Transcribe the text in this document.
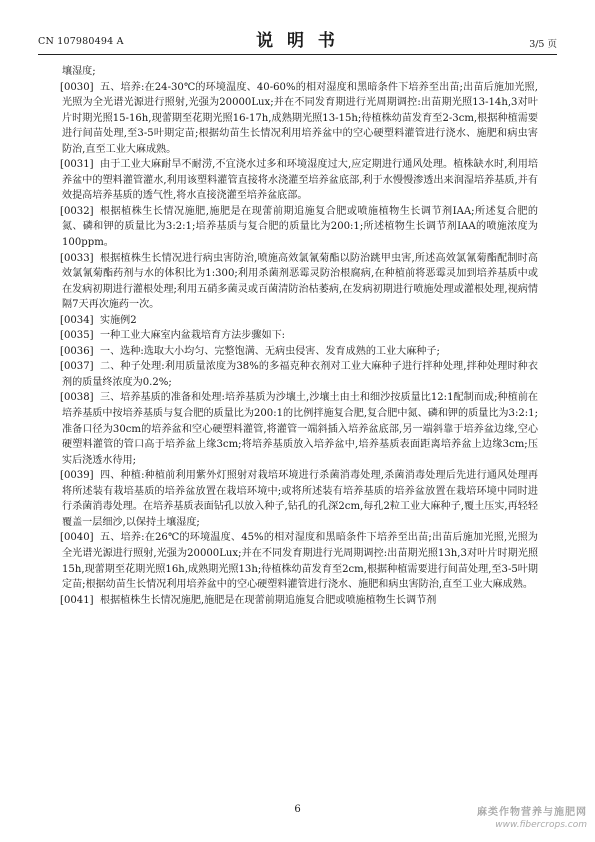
CN 107980494 A	说 明 书	3/5 页

壤湿度;

[0030] 五、培养:在24-30℃的环境温度、40-60%的相对湿度和黑暗条件下培养至出苗;出苗后施加光照,光照为全光谱光源进行照射,光强为20000Lux;并在不同发育期进行光周期调控:出苗期光照13-14h,3对叶片时期光照15-16h,现蕾期至花期光照16-17h,成熟期光照13-15h;待植株幼苗发育至2-3cm,根据种植需要进行间苗处理,至3-5叶期定苗;根据幼苗生长情况利用培养盆中的空心硬塑料灌管进行浇水、施肥和病虫害防治,直至工业大麻成熟。

[0031] 由于工业大麻耐旱不耐涝,不宜浇水过多和环境湿度过大,应定期进行通风处理。植株缺水时,利用培养盆中的塑料灌管灌水,利用该塑料灌管直接将水浇灌至培养盆底部,利于水慢慢渗透出来润湿培养基质,并有效提高培养基质的透气性,将水直接浇灌至培养盆底部。

[0032] 根据植株生长情况施肥,施肥是在现蕾前期追施复合肥或喷施植物生长调节剂IAA;所述复合肥的氮、磷和钾的质量比为3:2:1;培养基质与复合肥的质量比为200:1;所述植物生长调节剂IAA的喷施浓度为100ppm。

[0033] 根据植株生长情况进行病虫害防治,喷施高效氯氰菊酯以防治跳甲虫害,所述高效氯氰菊酯配制时高效氯氰菊酯药剂与水的体积比为1:300;利用杀菌剂恶霉灵防治根腐病,在种植前将恶霉灵加到培养基质中或在发病初期进行灌根处理;利用五硝多菌灵或百菌清防治枯萎病,在发病初期进行喷施处理或灌根处理,视病情隔7天再次施药一次。

[0034] 实施例2

[0035] 一种工业大麻室内盆栽培育方法步骤如下:

[0036] 一、选种:选取大小均匀、完整饱满、无病虫侵害、发育成熟的工业大麻种子;

[0037] 二、种子处理:利用质量浓度为38%的多福克种衣剂对工业大麻种子进行拌种处理,拌种处理时种衣剂的质量终浓度为0.2%;

[0038] 三、培养基质的准备和处理:培养基质为沙壤土,沙壤土由土和细沙按质量比12:1配制而成;种植前在培养基质中按培养基质与复合肥的质量比为200:1的比例拌施复合肥,复合肥中氮、磷和钾的质量比为3:2:1;准备口径为30cm的培养盆和空心硬塑料灌管,将灌管一端斜插入培养盆底部,另一端斜靠于培养盆边缘,空心硬塑料灌管的管口高于培养盆上缘3cm;将培养基质放入培养盆中,培养基质表面距离培养盆上边缘3cm;压实后浇透水待用;

[0039] 四、种植:种植前利用紫外灯照射对栽培环境进行杀菌消毒处理,杀菌消毒处理后先进行通风处理再将所述装有栽培基质的培养盆放置在栽培环境中;或将所述装有培养基质的培养盆放置在栽培环境中同时进行杀菌消毒处理。在培养基质表面钻孔以放入种子,钻孔的孔深2cm,每孔2粒工业大麻种子,覆土压实,再轻轻覆盖一层细沙,以保持土壤湿度;

[0040] 五、培养:在26℃的环境温度、45%的相对湿度和黑暗条件下培养至出苗;出苗后施加光照,光照为全光谱光源进行照射,光强为20000Lux;并在不同发育期进行光周期调控:出苗期光照13h,3对叶片时期光照15h,现蕾期至花期光照16h,成熟期光照13h;待植株幼苗发育至2cm,根据种植需要进行间苗处理,至3-5叶期定苗;根据幼苗生长情况利用培养盆中的空心硬塑料灌管进行浇水、施肥和病虫害防治,直至工业大麻成熟。

[0041] 根据植株生长情况施肥,施肥是在现蕾前期追施复合肥或喷施植物生长调节剂

6	麻类作物营养与施肥网
www.fibercrops.com
